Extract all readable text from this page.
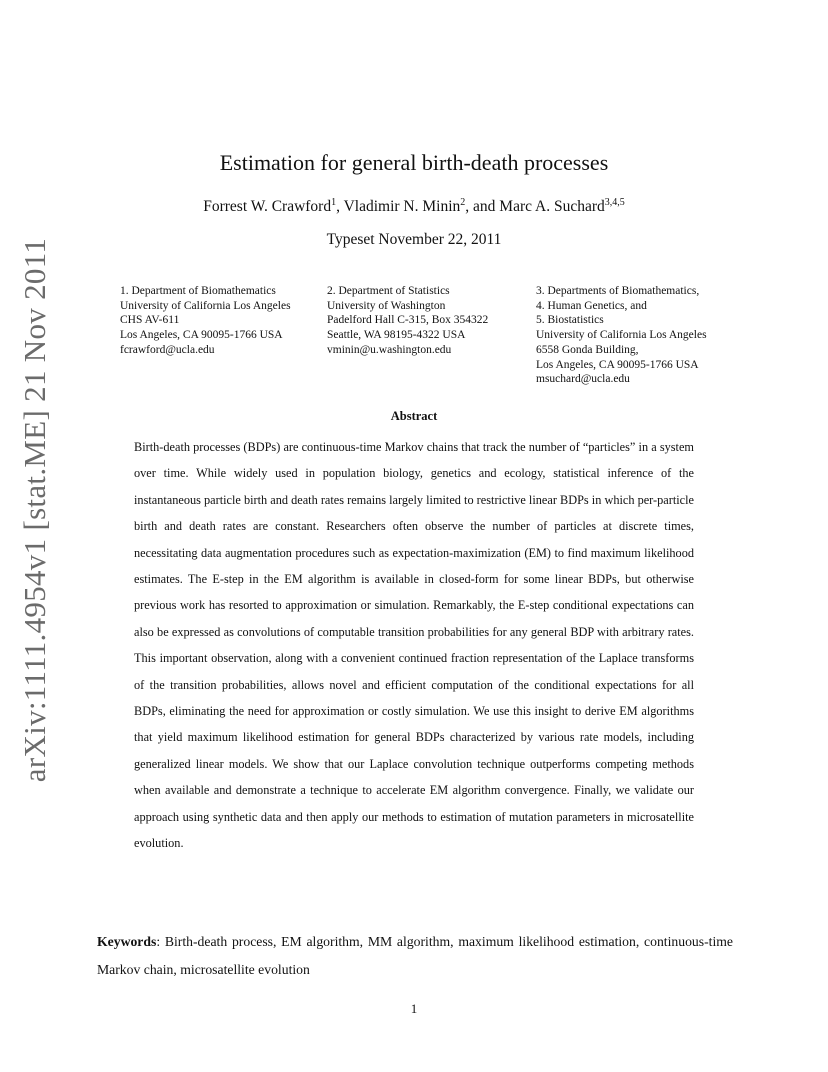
arXiv:1111.4954v1 [stat.ME] 21 Nov 2011
Estimation for general birth-death processes
Forrest W. Crawford$^1$, Vladimir N. Minin$^2$, and Marc A. Suchard$^{3,4,5}$
Typeset November 22, 2011
1. Department of Biomathematics
University of California Los Angeles
CHS AV-611
Los Angeles, CA 90095-1766 USA
fcrawford@ucla.edu
2. Department of Statistics
University of Washington
Padelford Hall C-315, Box 354322
Seattle, WA 98195-4322 USA
vminin@u.washington.edu
3. Departments of Biomathematics,
4. Human Genetics, and
5. Biostatistics
University of California Los Angeles
6558 Gonda Building,
Los Angeles, CA 90095-1766 USA
msuchard@ucla.edu
Abstract
Birth-death processes (BDPs) are continuous-time Markov chains that track the number of “particles” in a system over time. While widely used in population biology, genetics and ecology, statistical inference of the instantaneous particle birth and death rates remains largely limited to restrictive linear BDPs in which per-particle birth and death rates are constant. Researchers often observe the number of particles at discrete times, necessitating data augmentation procedures such as expectation-maximization (EM) to find maximum likelihood estimates. The E-step in the EM algorithm is available in closed-form for some linear BDPs, but otherwise previous work has resorted to approximation or simulation. Remarkably, the E-step conditional expectations can also be expressed as convolutions of computable transition probabilities for any general BDP with arbitrary rates. This important observation, along with a convenient continued fraction representation of the Laplace transforms of the transition probabilities, allows novel and efficient computation of the conditional expectations for all BDPs, eliminating the need for approximation or costly simulation. We use this insight to derive EM algorithms that yield maximum likelihood estimation for general BDPs characterized by various rate models, including generalized linear models. We show that our Laplace convolution technique outperforms competing methods when available and demonstrate a technique to accelerate EM algorithm convergence. Finally, we validate our approach using synthetic data and then apply our methods to estimation of mutation parameters in microsatellite evolution.
Keywords: Birth-death process, EM algorithm, MM algorithm, maximum likelihood estimation, continuous-time Markov chain, microsatellite evolution
1
